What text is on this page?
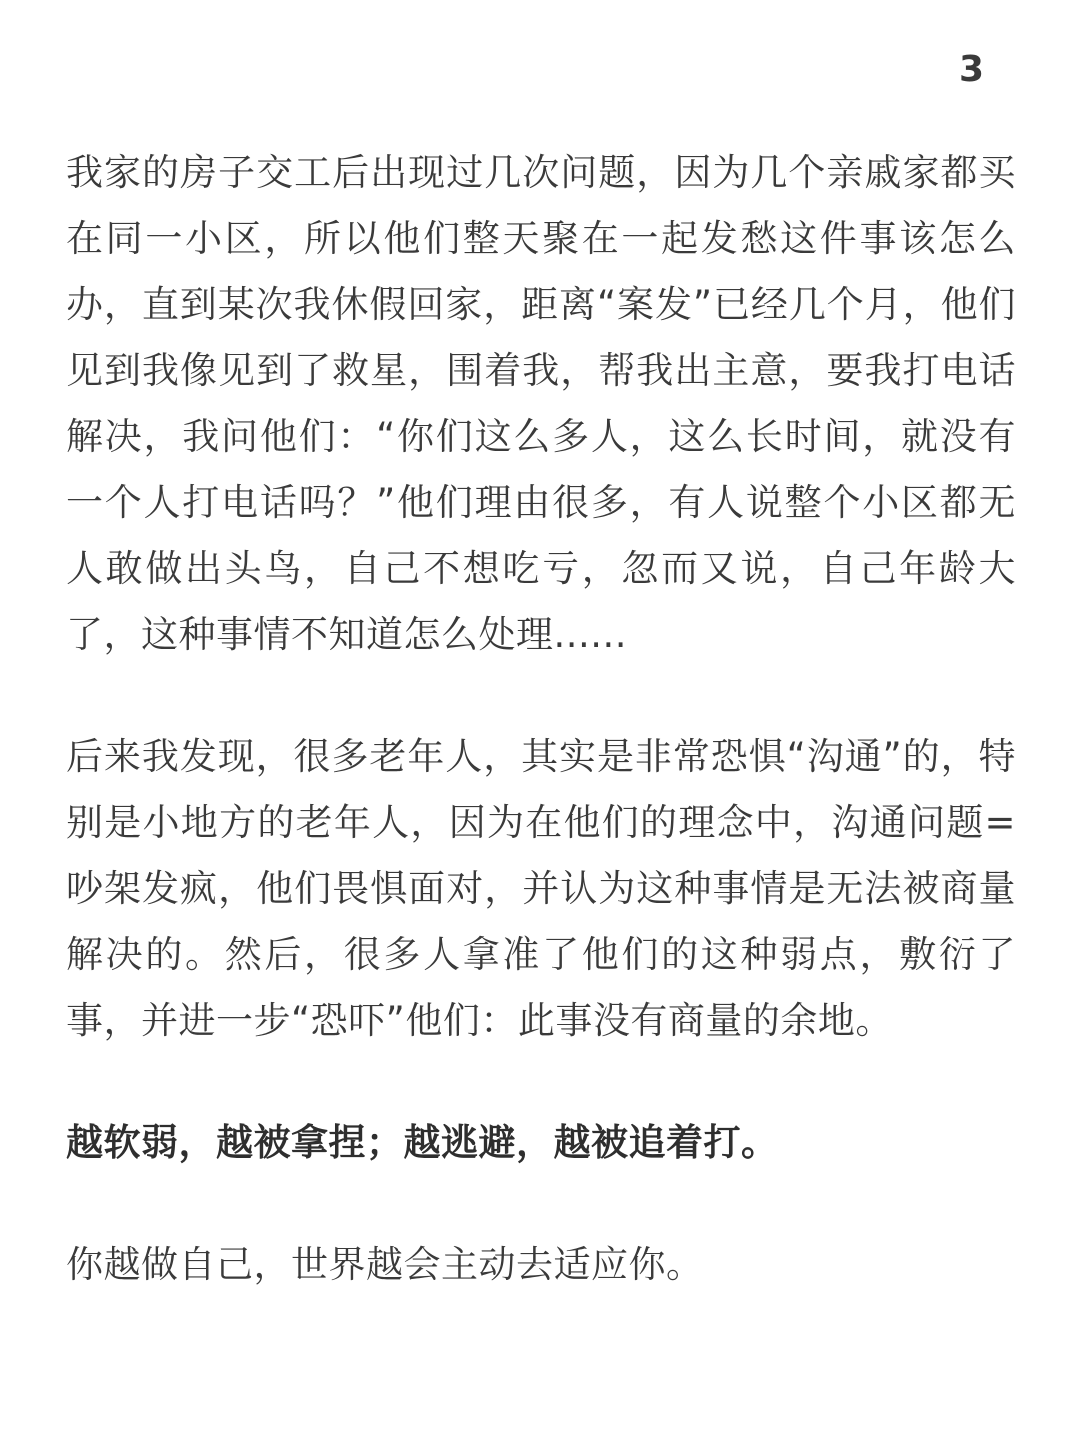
3

我家的房子交工后出现过几次问题，因为几个亲戚家都买在同一小区，所以他们整天聚在一起发愁这件事该怎么办，直到某次我休假回家，距离“案发”已经几个月，他们见到我像见到了救星，围着我，帮我出主意，要我打电话解决，我问他们：“你们这么多人，这么长时间，就没有一个人打电话吗？”他们理由很多，有人说整个小区都无人敢做出头鸟，自己不想吃亏，忽而又说，自己年龄大了，这种事情不知道怎么处理......

后来我发现，很多老年人，其实是非常恐惧“沟通”的，特别是小地方的老年人，因为在他们的理念中，沟通问题=吵架发疯，他们畏惧面对，并认为这种事情是无法被商量解决的。然后，很多人拿准了他们的这种弱点，敷衍了事，并进一步“恐吓”他们：此事没有商量的余地。

越软弱，越被拿捏；越逃避，越被追着打。

你越做自己，世界越会主动去适应你。
